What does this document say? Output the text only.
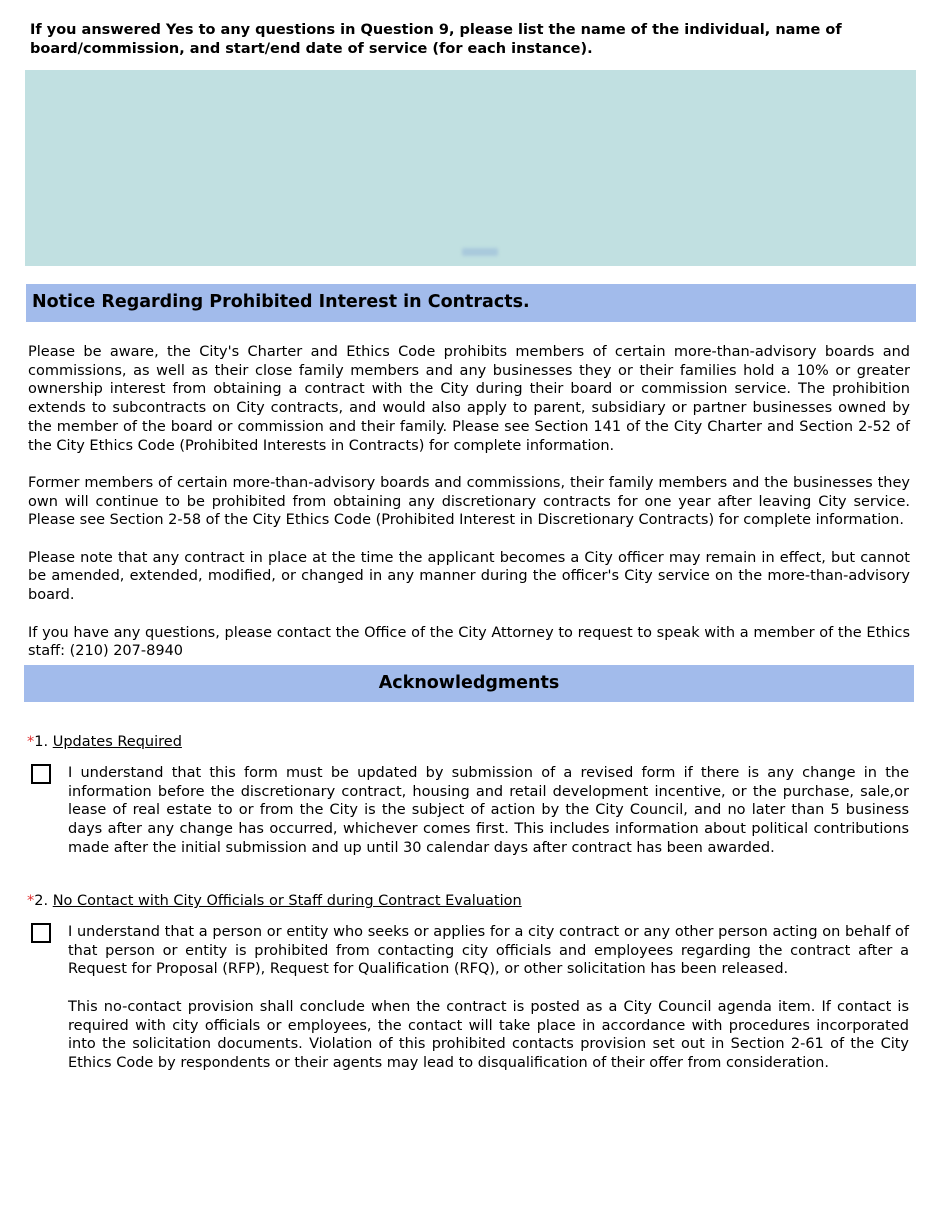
If you answered Yes to any questions in Question 9, please list the name of the individual, name of board/commission, and start/end date of service (for each instance).
Notice Regarding Prohibited Interest in Contracts.

Please be aware, the City's Charter and Ethics Code prohibits members of certain more-than-advisory boards and commissions, as well as their close family members and any businesses they or their families hold a 10% or greater ownership interest from obtaining a contract with the City during their board or commission service. The prohibition extends to subcontracts on City contracts, and would also apply to parent, subsidiary or partner businesses owned by the member of the board or commission and their family. Please see Section 141 of the City Charter and Section 2-52 of the City Ethics Code (Prohibited Interests in Contracts) for complete information.

Former members of certain more-than-advisory boards and commissions, their family members and the businesses they own will continue to be prohibited from obtaining any discretionary contracts for one year after leaving City service. Please see Section 2-58 of the City Ethics Code (Prohibited Interest in Discretionary Contracts) for complete information.

Please note that any contract in place at the time the applicant becomes a City officer may remain in effect, but cannot be amended, extended, modified, or changed in any manner during the officer's City service on the more-than-advisory board.

If you have any questions, please contact the Office of the City Attorney to request to speak with a member of the Ethics staff: (210) 207-8940

Acknowledgments
*1. Updates Required

I understand that this form must be updated by submission of a revised form if there is any change in the information before the discretionary contract, housing and retail development incentive, or the purchase, sale,or lease of real estate to or from the City is the subject of action by the City Council, and no later than 5 business days after any change has occurred, whichever comes first. This includes information about political contributions made after the initial submission and up until 30 calendar days after contract has been awarded.

*2. No Contact with City Officials or Staff during Contract Evaluation

I understand that a person or entity who seeks or applies for a city contract or any other person acting on behalf of that person or entity is prohibited from contacting city officials and employees regarding the contract after a Request for Proposal (RFP), Request for Qualification (RFQ), or other solicitation has been released.

This no-contact provision shall conclude when the contract is posted as a City Council agenda item. If contact is required with city officials or employees, the contact will take place in accordance with procedures incorporated into the solicitation documents. Violation of this prohibited contacts provision set out in Section 2-61 of the City Ethics Code by respondents or their agents may lead to disqualification of their offer from consideration.
